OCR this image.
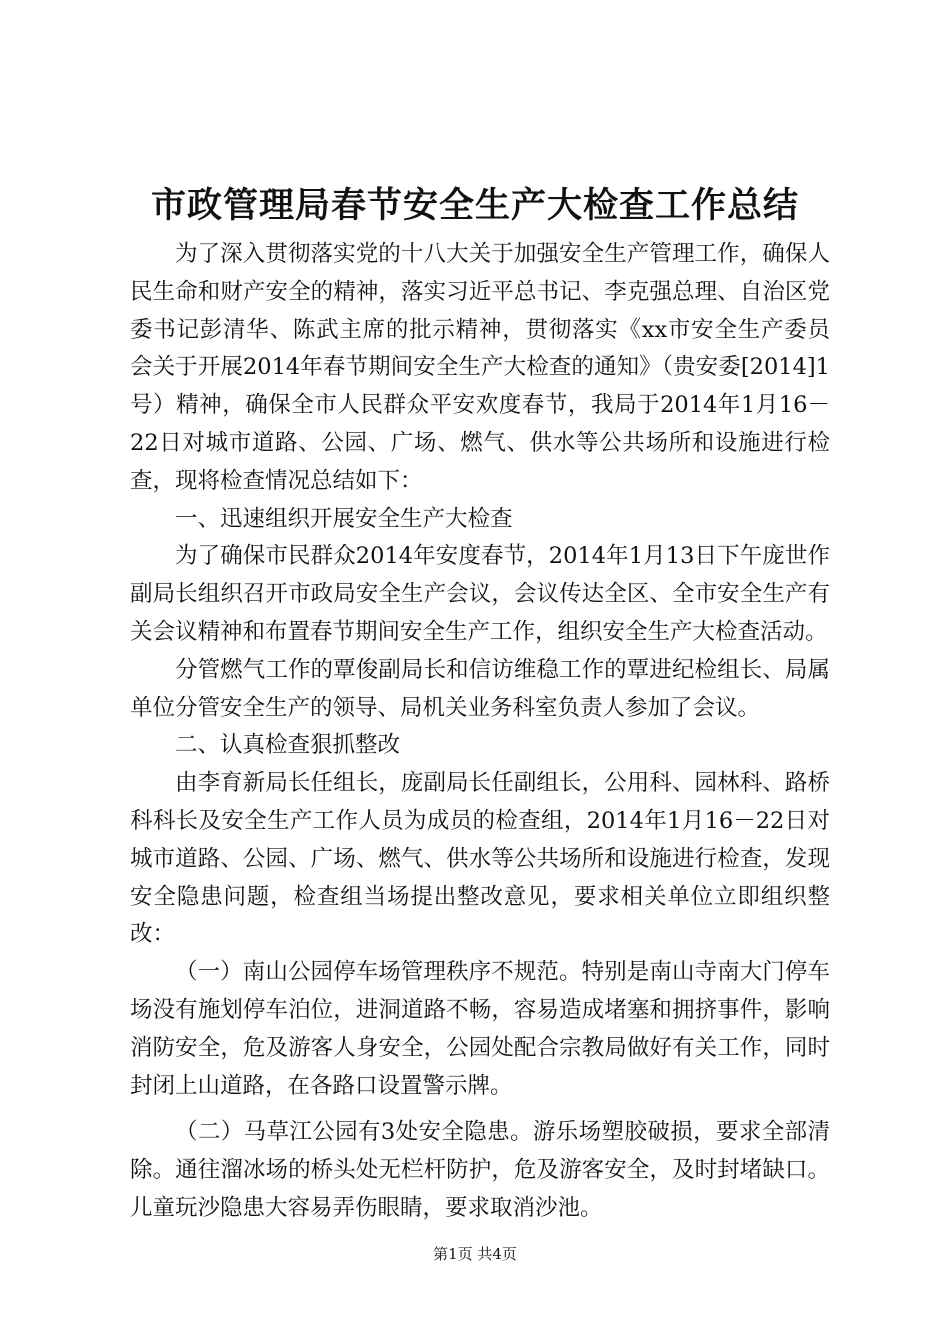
市政管理局春节安全生产大检查工作总结

为了深入贯彻落实党的十八大关于加强安全生产管理工作，确保人民生命和财产安全的精神，落实习近平总书记、李克强总理、自治区党委书记彭清华、陈武主席的批示精神，贯彻落实《xx市安全生产委员会关于开展2014年春节期间安全生产大检查的通知》（贵安委[2014]1号）精神，确保全市人民群众平安欢度春节，我局于2014年1月16－22日对城市道路、公园、广场、燃气、供水等公共场所和设施进行检查，现将检查情况总结如下：

一、迅速组织开展安全生产大检查

为了确保市民群众2014年安度春节，2014年1月13日下午庞世作副局长组织召开市政局安全生产会议，会议传达全区、全市安全生产有关会议精神和布置春节期间安全生产工作，组织安全生产大检查活动。

分管燃气工作的覃俊副局长和信访维稳工作的覃进纪检组长、局属单位分管安全生产的领导、局机关业务科室负责人参加了会议。

二、认真检查狠抓整改

由李育新局长任组长，庞副局长任副组长，公用科、园林科、路桥科科长及安全生产工作人员为成员的检查组，2014年1月16－22日对城市道路、公园、广场、燃气、供水等公共场所和设施进行检查，发现安全隐患问题，检查组当场提出整改意见，要求相关单位立即组织整改：

（一）南山公园停车场管理秩序不规范。特别是南山寺南大门停车场没有施划停车泊位，进洞道路不畅，容易造成堵塞和拥挤事件，影响消防安全，危及游客人身安全，公园处配合宗教局做好有关工作，同时封闭上山道路，在各路口设置警示牌。

（二）马草江公园有3处安全隐患。游乐场塑胶破损，要求全部清除。通往溜冰场的桥头处无栏杆防护，危及游客安全，及时封堵缺口。儿童玩沙隐患大容易弄伤眼睛，要求取消沙池。

第1页 共4页
